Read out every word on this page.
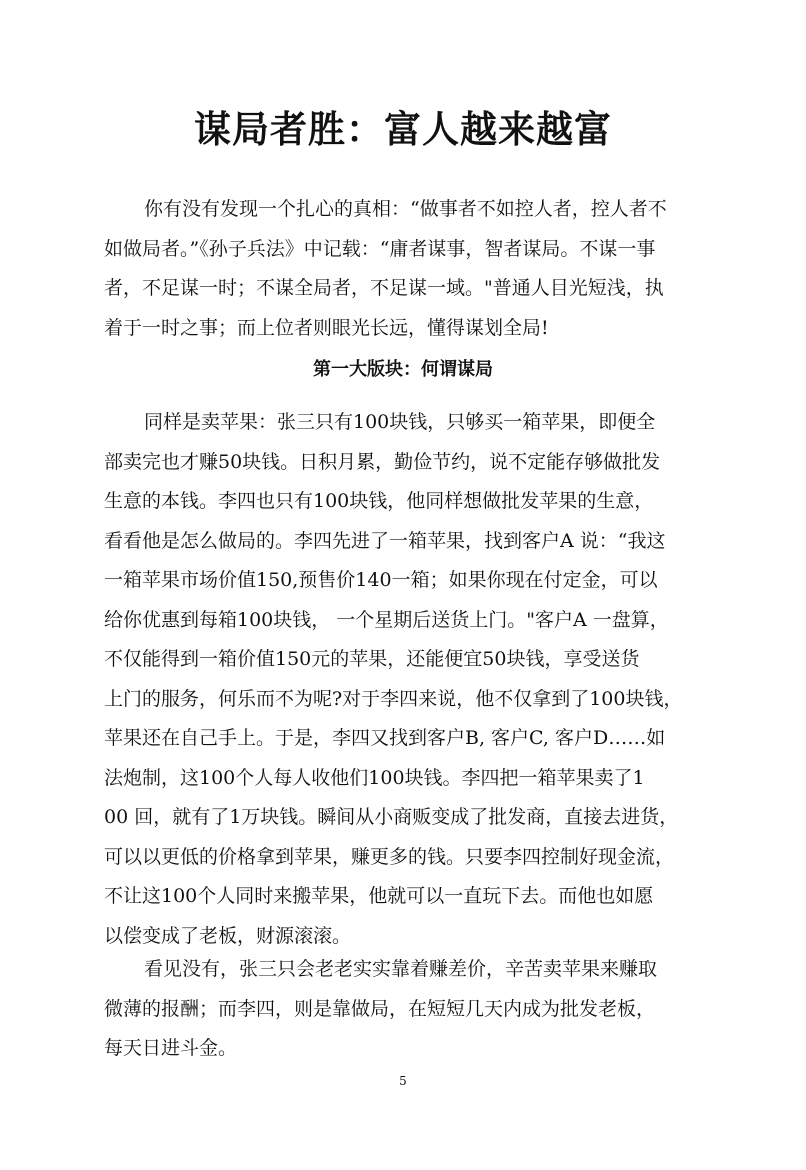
谋局者胜：富人越来越富
你有没有发现一个扎心的真相：“做事者不如控人者，控人者不
如做局者。”《孙子兵法》中记载：“庸者谋事，智者谋局。不谋一事
者，不足谋一时；不谋全局者，不足谋一域。"普通人目光短浅，执
着于一时之事；而上位者则眼光长远，懂得谋划全局!
第一大版块：何谓谋局
同样是卖苹果：张三只有100块钱，只够买一箱苹果，即便全
部卖完也才赚50块钱。日积月累，勤俭节约，说不定能存够做批发
生意的本钱。李四也只有100块钱，他同样想做批发苹果的生意，
看看他是怎么做局的。李四先进了一箱苹果，找到客户A 说：“我这
一箱苹果市场价值150,预售价140一箱；如果你现在付定金，可以
给你优惠到每箱100块钱， 一个星期后送货上门。"客户A 一盘算，
不仅能得到一箱价值150元的苹果，还能便宜50块钱，享受送货
上门的服务，何乐而不为呢?对于李四来说，他不仅拿到了100块钱，
苹果还在自己手上。于是，李四又找到客户B, 客户C, 客户D……如
法炮制，这100个人每人收他们100块钱。李四把一箱苹果卖了1
00 回，就有了1万块钱。瞬间从小商贩变成了批发商，直接去进货，
可以以更低的价格拿到苹果，赚更多的钱。只要李四控制好现金流，
不让这100个人同时来搬苹果，他就可以一直玩下去。而他也如愿
以偿变成了老板，财源滚滚。
看见没有，张三只会老老实实靠着赚差价，辛苦卖苹果来赚取
微薄的报酬；而李四，则是靠做局，在短短几天内成为批发老板，
每天日进斗金。
5
